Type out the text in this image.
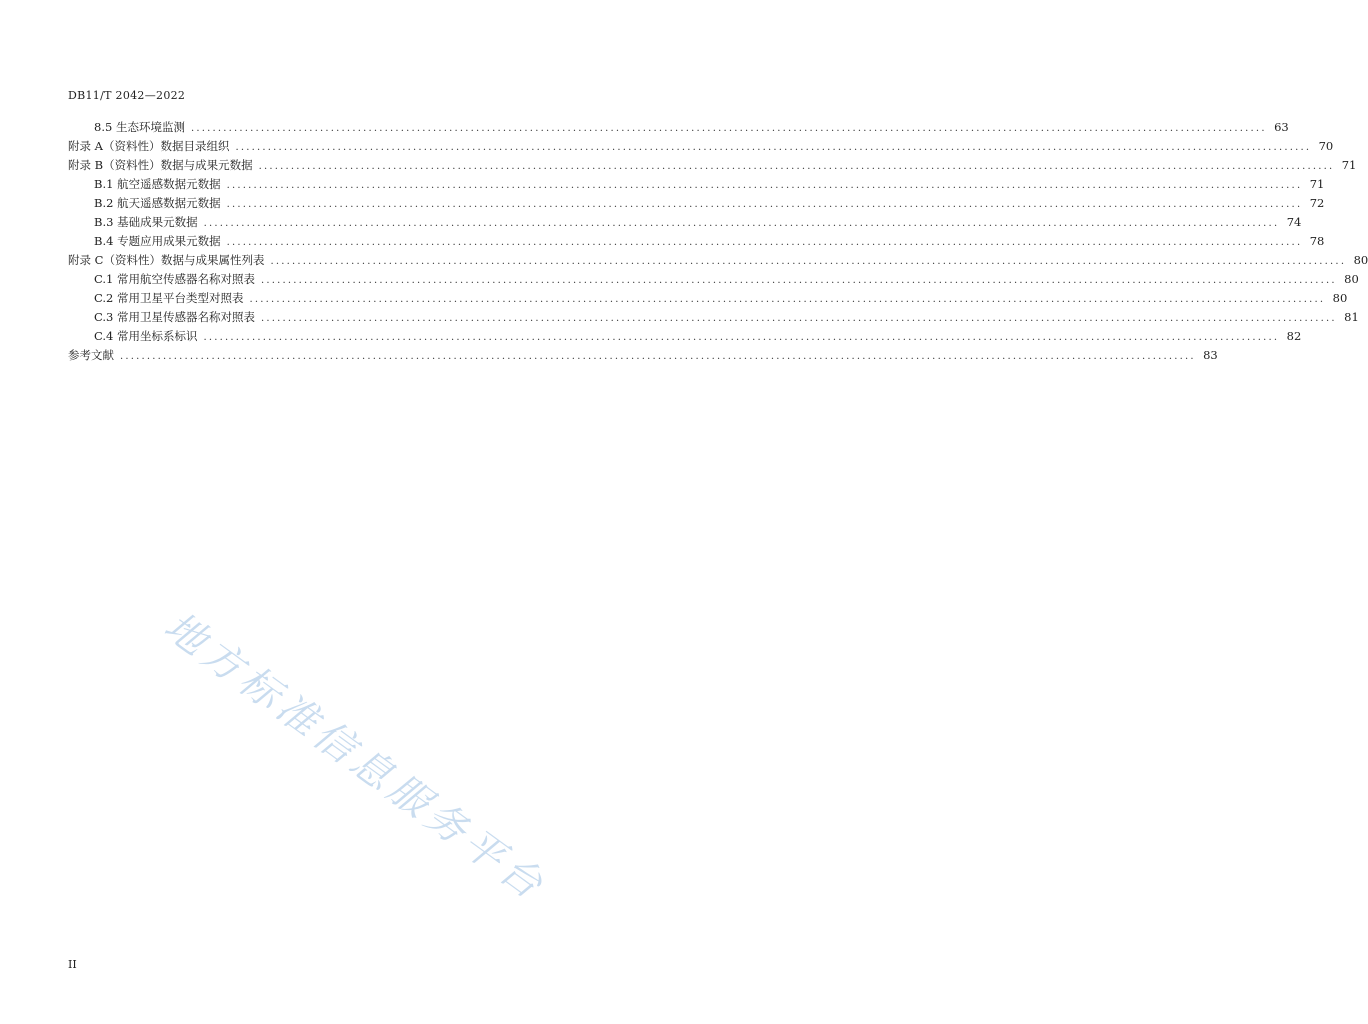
DB11/T 2042—2022
8.5 生态环境监测 ........................................................................................................................................................................................................ 63
附录 A（资料性）数据目录组织 ........................................................................................................................................................................................................ 70
附录 B（资料性）数据与成果元数据 ........................................................................................................................................................................................................ 71
B.1 航空遥感数据元数据 ........................................................................................................................................................................................................ 71
B.2 航天遥感数据元数据 ........................................................................................................................................................................................................ 72
B.3 基础成果元数据 ........................................................................................................................................................................................................ 74
B.4 专题应用成果元数据 ........................................................................................................................................................................................................ 78
附录 C（资料性）数据与成果属性列表 ........................................................................................................................................................................................................ 80
C.1 常用航空传感器名称对照表 ........................................................................................................................................................................................................ 80
C.2 常用卫星平台类型对照表 ........................................................................................................................................................................................................ 80
C.3 常用卫星传感器名称对照表 ........................................................................................................................................................................................................ 81
C.4 常用坐标系标识 ........................................................................................................................................................................................................ 82
参考文献 ........................................................................................................................................................................................................ 83
地方标准信息服务平台
II
